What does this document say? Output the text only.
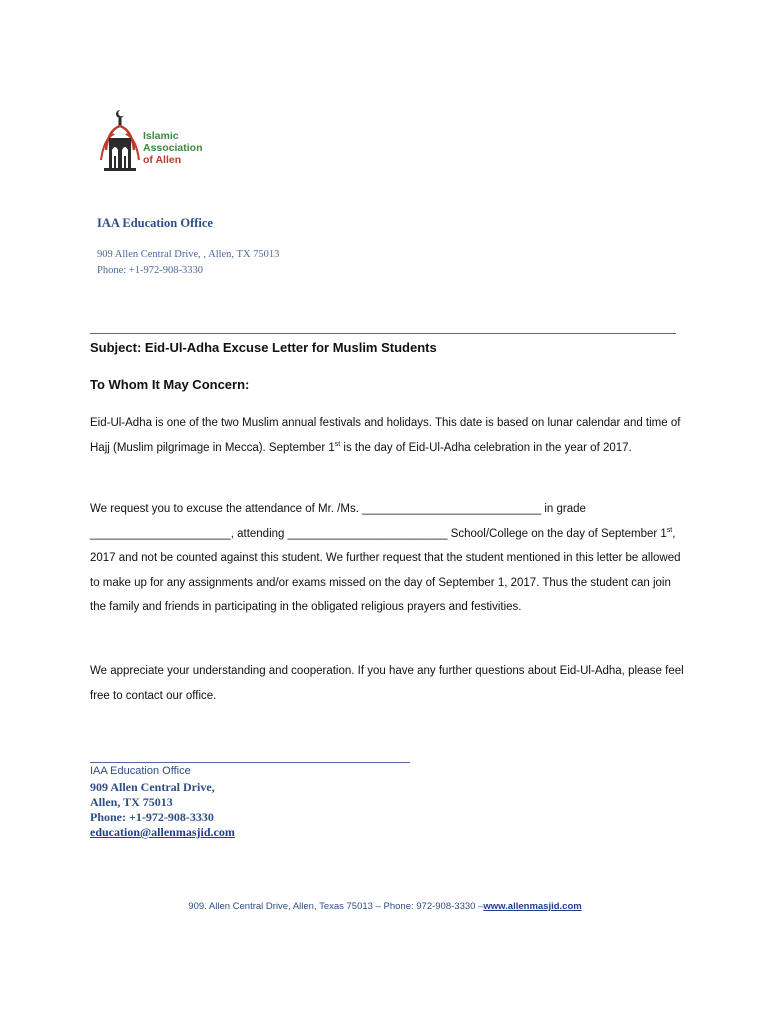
Islamic
Association
of Allen
IAA Education Office
909 Allen Central Drive, , Allen, TX 75013
Phone: +1-972-908-3330
Subject: Eid-Ul-Adha Excuse Letter for Muslim Students
To Whom It May Concern:
Eid-Ul-Adha is one of the two Muslim annual festivals and holidays. This date is based on lunar calendar and time of Hajj (Muslim pilgrimage in Mecca). September 1st is the day of Eid-Ul-Adha celebration in the year of 2017.
We request you to excuse the attendance of Mr. /Ms. ____________________________ in grade ______________________, attending _________________________ School/College on the day of September 1st, 2017 and not be counted against this student. We further request that the student mentioned in this letter be allowed to make up for any assignments and/or exams missed on the day of September 1, 2017. Thus the student can join the family and friends in participating in the obligated religious prayers and festivities.
We appreciate your understanding and cooperation. If you have any further questions about Eid-Ul-Adha, please feel free to contact our office.
IAA Education Office
909 Allen Central Drive,
Allen, TX 75013
Phone: +1-972-908-3330
education@allenmasjid.com
909. Allen Central Drive, Allen, Texas 75013 – Phone: 972-908-3330 –www.allenmasjid.com
